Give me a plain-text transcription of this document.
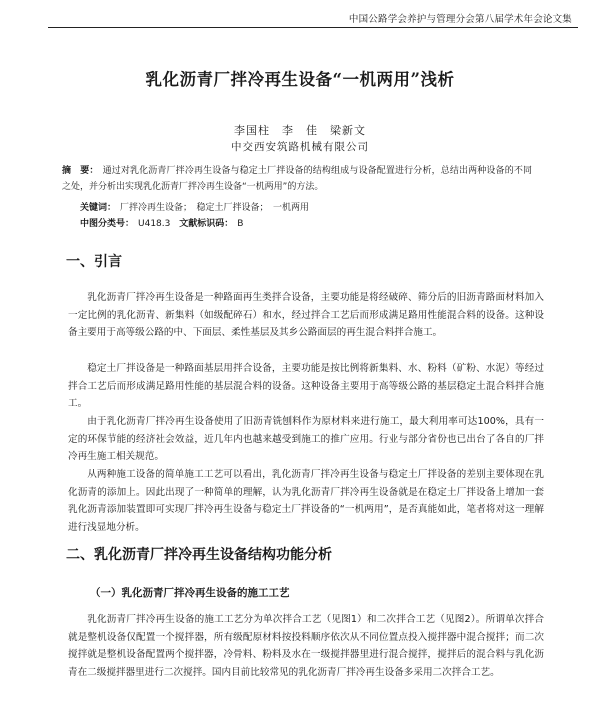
中国公路学会养护与管理分会第八届学术年会论文集
乳化沥青厂拌冷再生设备“一机两用”浅析
李国柱　李　佳　梁新文
中交西安筑路机械有限公司
摘　要： 通过对乳化沥青厂拌冷再生设备与稳定土厂拌设备的结构组成与设备配置进行分析，总结出两种设备的不同之处，并分析出实现乳化沥青厂拌冷再生设备“一机两用”的方法。
关键词： 厂拌冷再生设备；　稳定土厂拌设备；　一机两用
中图分类号： U418.3 文献标识码： B
一、引言
乳化沥青厂拌冷再生设备是一种路面再生类拌合设备，主要功能是将经破碎、筛分后的旧沥青路面材料加入一定比例的乳化沥青、新集料（如级配碎石）和水，经过拌合工艺后而形成满足路用性能混合料的设备。这种设备主要用于高等级公路的中、下面层、柔性基层及其乡公路面层的再生混合料拌合施工。
稳定土厂拌设备是一种路面基层用拌合设备，主要功能是按比例将新集料、水、粉料（矿粉、水泥）等经过拌合工艺后而形成满足路用性能的基层混合料的设备。这种设备主要用于高等级公路的基层稳定土混合料拌合施工。
由于乳化沥青厂拌冷再生设备使用了旧沥青铣刨料作为原材料来进行施工，最大利用率可达100%，具有一定的环保节能的经济社会效益，近几年内也越来越受到施工的推广应用。行业与部分省份也已出台了各自的厂拌冷再生施工相关规范。
从两种施工设备的简单施工工艺可以看出，乳化沥青厂拌冷再生设备与稳定土厂拌设备的差别主要体现在乳化沥青的添加上。因此出现了一种简单的理解，认为乳化沥青厂拌冷再生设备就是在稳定土厂拌设备上增加一套乳化沥青添加装置即可实现厂拌冷再生设备与稳定土厂拌设备的“一机两用”，是否真能如此，笔者将对这一理解进行浅显地分析。
二、乳化沥青厂拌冷再生设备结构功能分析
（一）乳化沥青厂拌冷再生设备的施工工艺
乳化沥青厂拌冷再生设备的施工工艺分为单次拌合工艺（见图1）和二次拌合工艺（见图2）。所谓单次拌合就是整机设备仅配置一个搅拌器，所有级配原材料按投料顺序依次从不同位置点投入搅拌器中混合搅拌；而二次搅拌就是整机设备配置两个搅拌器，冷骨料、粉料及水在一级搅拌器里进行混合搅拌，搅拌后的混合料与乳化沥青在二级搅拌器里进行二次搅拌。国内目前比较常见的乳化沥青厂拌冷再生设备多采用二次拌合工艺。
